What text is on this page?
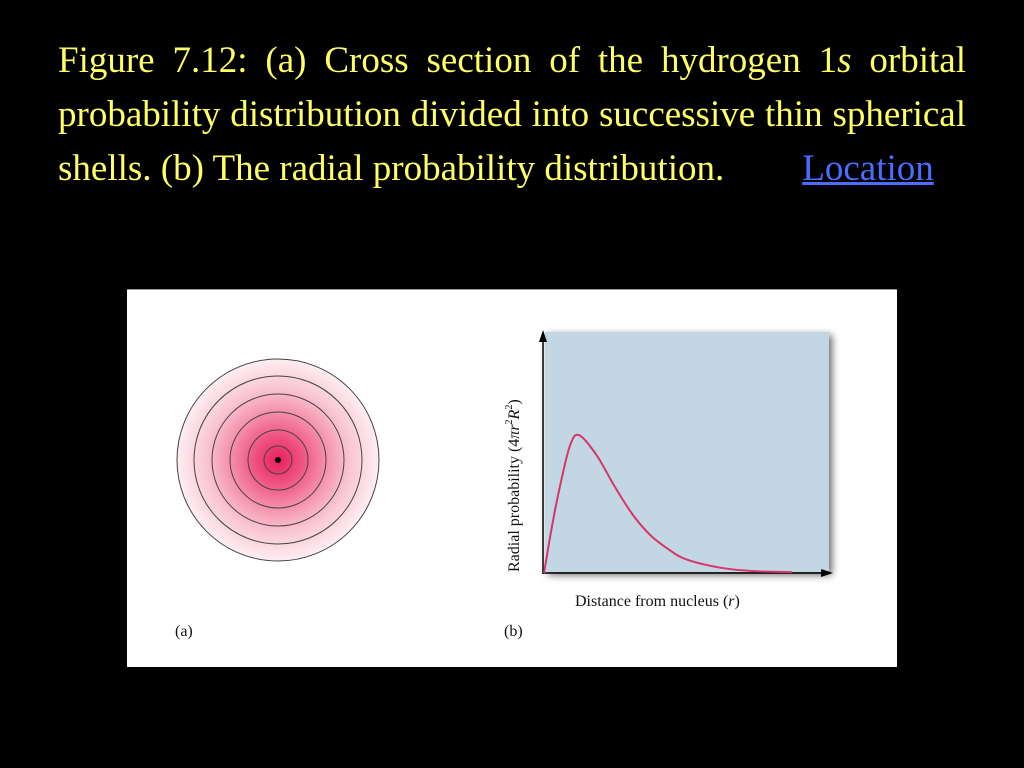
Figure 7.12: (a) Cross section of the hydrogen 1s orbital probability distribution divided into successive thin spherical shells. (b) The radial probability distribution. Location

(a)
Distance from nucleus (r)
Radial probability $(4\pi r^2R^2)$
(b)
